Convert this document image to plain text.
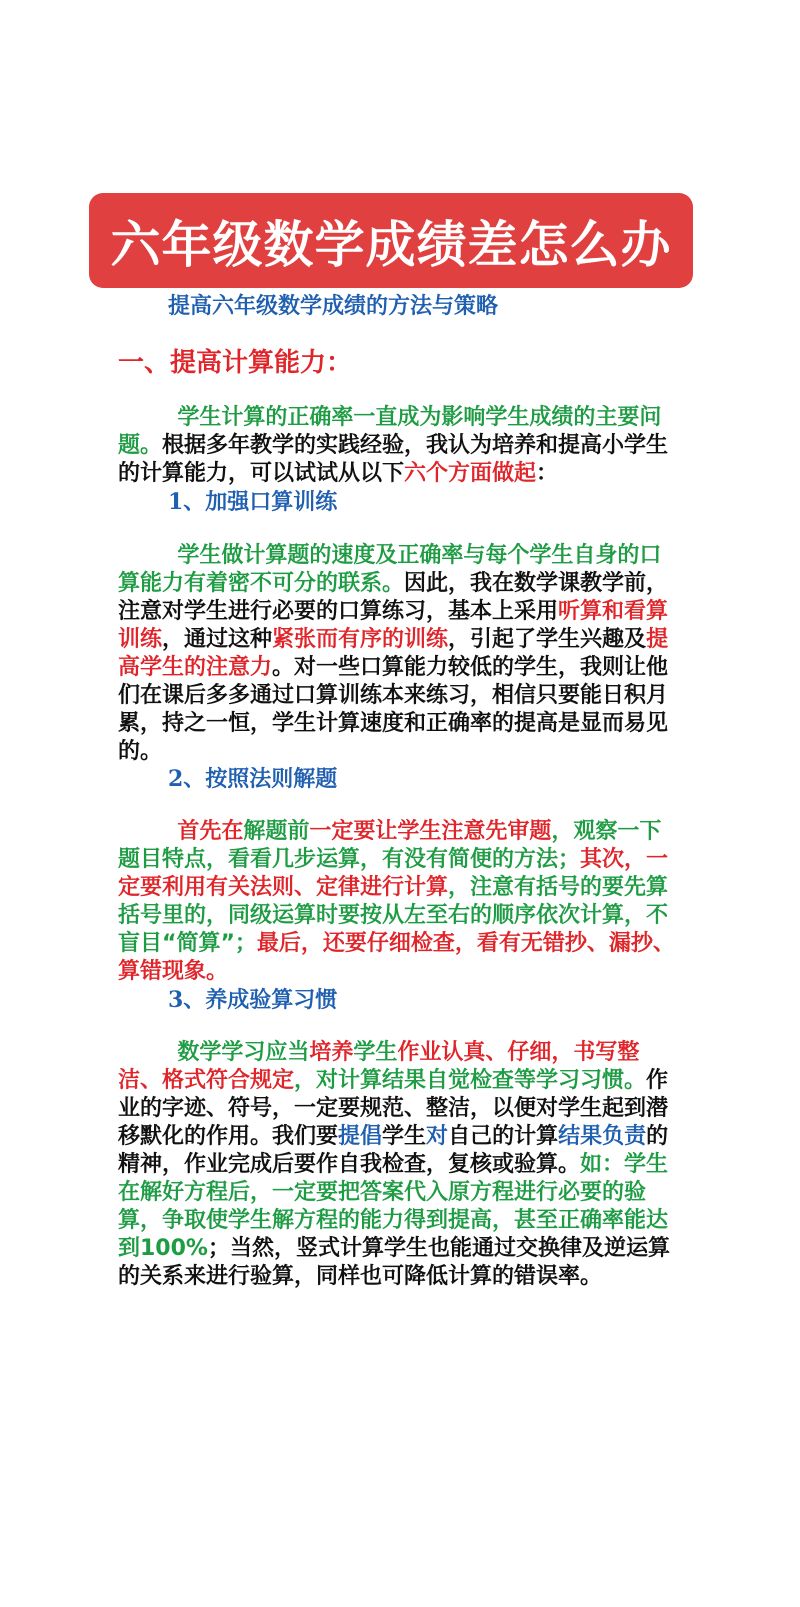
六年级数学成绩差怎么办
提高六年级数学成绩的方法与策略
一、提高计算能力：

　　学生计算的正确率一直成为影响学生成绩的主要问题。根据多年教学的实践经验，我认为培养和提高小学生的计算能力，可以试试从以下六个方面做起：

1、加强口算训练

　　学生做计算题的速度及正确率与每个学生自身的口算能力有着密不可分的联系。因此，我在数学课教学前，注意对学生进行必要的口算练习，基本上采用听算和看算训练，通过这种紧张而有序的训练，引起了学生兴趣及提高学生的注意力。对一些口算能力较低的学生，我则让他们在课后多多通过口算训练本来练习，相信只要能日积月累，持之一恒，学生计算速度和正确率的提高是显而易见的。

2、按照法则解题

　　首先在解题前一定要让学生注意先审题，观察一下题目特点，看看几步运算，有没有简便的方法；其次，一定要利用有关法则、定律进行计算，注意有括号的要先算括号里的，同级运算时要按从左至右的顺序依次计算，不盲目“简算”；最后，还要仔细检查，看有无错抄、漏抄、算错现象。

3、养成验算习惯

　　数学学习应当培养学生作业认真、仔细，书写整洁、格式符合规定，对计算结果自觉检查等学习习惯。作业的字迹、符号，一定要规范、整洁，以便对学生起到潜移默化的作用。我们要提倡学生对自己的计算结果负责的精神，作业完成后要作自我检查，复核或验算。如：学生在解好方程后，一定要把答案代入原方程进行必要的验算，争取使学生解方程的能力得到提高，甚至正确率能达到100%；当然，竖式计算学生也能通过交换律及逆运算的关系来进行验算，同样也可降低计算的错误率。
